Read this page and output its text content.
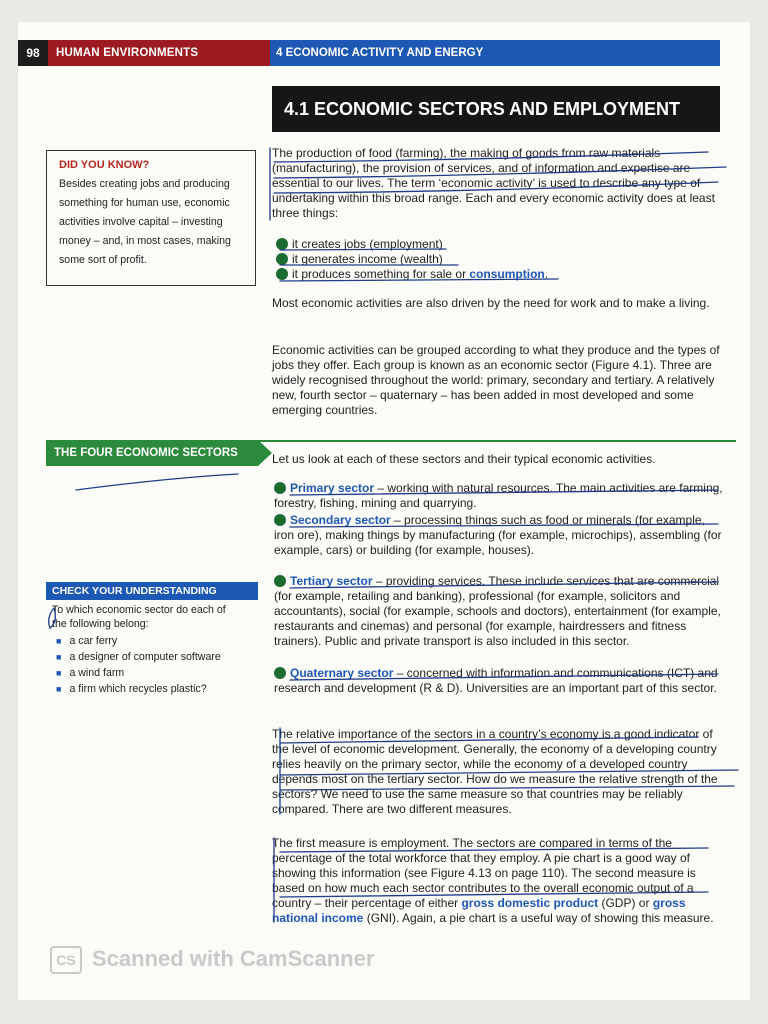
98	HUMAN ENVIRONMENTS	4 ECONOMIC ACTIVITY AND ENERGY
4.1 ECONOMIC SECTORS AND EMPLOYMENT
DID YOU KNOW?

Besides creating jobs and producing something for human use, economic activities involve capital – investing money – and, in most cases, making some sort of profit.

The production of food (farming), the making of goods from raw materials (manufacturing), the provision of services, and of information and expertise are essential to our lives. The term ‘economic activity’ is used to describe any type of undertaking within this broad range. Each and every economic activity does at least three things:

it creates jobs (employment)
it generates income (wealth)
it produces something for sale or consumption.

Most economic activities are also driven by the need for work and to make a living.

Economic activities can be grouped according to what they produce and the types of jobs they offer. Each group is known as an economic sector (Figure 4.1). Three are widely recognised throughout the world: primary, secondary and tertiary. A relatively new, fourth sector – quaternary – has been added in most developed and some emerging countries.

THE FOUR ECONOMIC SECTORS	Let us look at each of these sectors and their typical economic activities.

Primary sector – working with natural resources. The main activities are farming, forestry, fishing, mining and quarrying.
Secondary sector – processing things such as food or minerals (for example, iron ore), making things by manufacturing (for example, microchips), assembling (for example, cars) or building (for example, houses).
Tertiary sector – providing services. These include services that are commercial (for example, retailing and banking), professional (for example, solicitors and accountants), social (for example, schools and doctors), entertainment (for example, restaurants and cinemas) and personal (for example, hairdressers and fitness trainers). Public and private transport is also included in this sector.
Quaternary sector – concerned with information and communications (ICT) and research and development (R & D). Universities are an important part of this sector.
CHECK YOUR UNDERSTANDING
To which economic sector do each of the following belong:
■ a car ferry
■ a designer of computer software
■ a wind farm
■ a firm which recycles plastic?

The relative importance of the sectors in a country’s economy is a good indicator of the level of economic development. Generally, the economy of a developing country relies heavily on the primary sector, while the economy of a developed country depends most on the tertiary sector. How do we measure the relative strength of the sectors? We need to use the same measure so that countries may be reliably compared. There are two different measures.

The first measure is employment. The sectors are compared in terms of the percentage of the total workforce that they employ. A pie chart is a good way of showing this information (see Figure 4.13 on page 110). The second measure is based on how much each sector contributes to the overall economic output of a country – their percentage of either gross domestic product (GDP) or gross national income (GNI). Again, a pie chart is a useful way of showing this measure.

CS Scanned with CamScanner
